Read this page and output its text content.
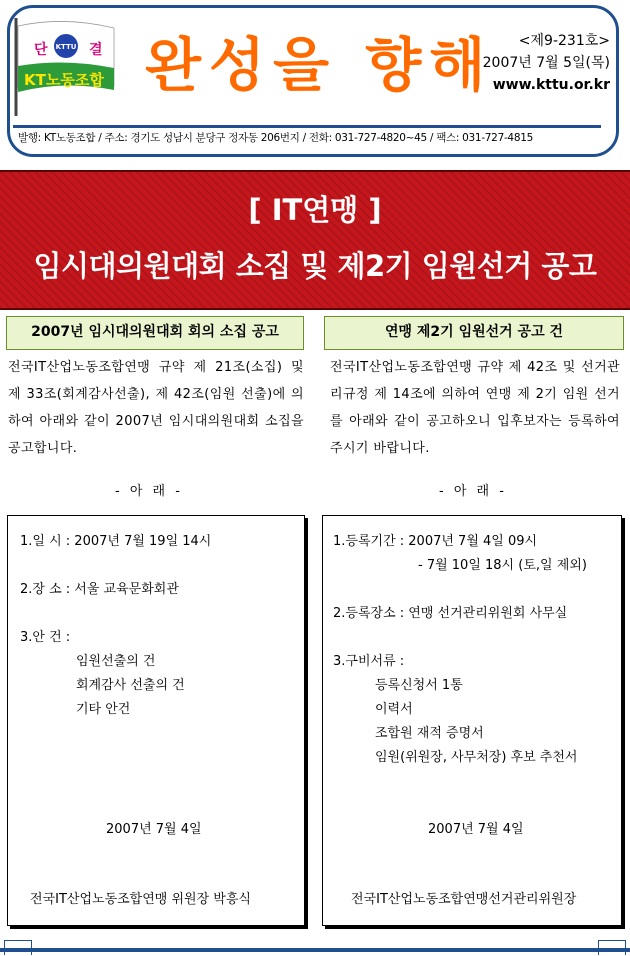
KTTU
단	결
KT노동조합 완성을 향해	<제9-231호>
2007년 7월 5일(목)
www.kttu.or.kr
발행: KT노동조합 / 주소: 경기도 성남시 분당구 정자동 206번지 / 전화: 031-727-4820~45 / 팩스: 031-727-4815
[ IT연맹 ]
임시대의원대회 소집 및 제2기 임원선거 공고
2007년 임시대의원대회 회의 소집 공고	연맹 제2기 임원선거 공고 건
전국IT산업노동조합연맹 규약 제 21조(소집) 및 제 33조(회계감사선출), 제 42조(임원 선출)에 의하여 아래와 같이 2007년 임시대의원대회 소집을 공고합니다.
전국IT산업노동조합연맹 규약 제 42조 및 선거관리규정 제 14조에 의하여 연맹 제 2기 임원 선거를 아래와 같이 공고하오니 입후보자는 등록하여 주시기 바랍니다.
- 아 래 -	- 아 래 -
1.일 시 : 2007년 7월 19일 14시
2.장 소 : 서울 교육문화회관
3.안 건 :
임원선출의 건
회계감사 선출의 건
기타 안건
2007년 7월 4일
전국IT산업노동조합연맹 위원장 박흥식
1.등록기간 : 2007년 7월 4일 09시
- 7월 10일 18시 (토,일 제외)
2.등록장소 : 연맹 선거관리위원회 사무실
3.구비서류 :
등록신청서 1통
이력서
조합원 재적 증명서
임원(위원장, 사무처장) 후보 추천서
2007년 7월 4일
전국IT산업노동조합연맹선거관리위원장
